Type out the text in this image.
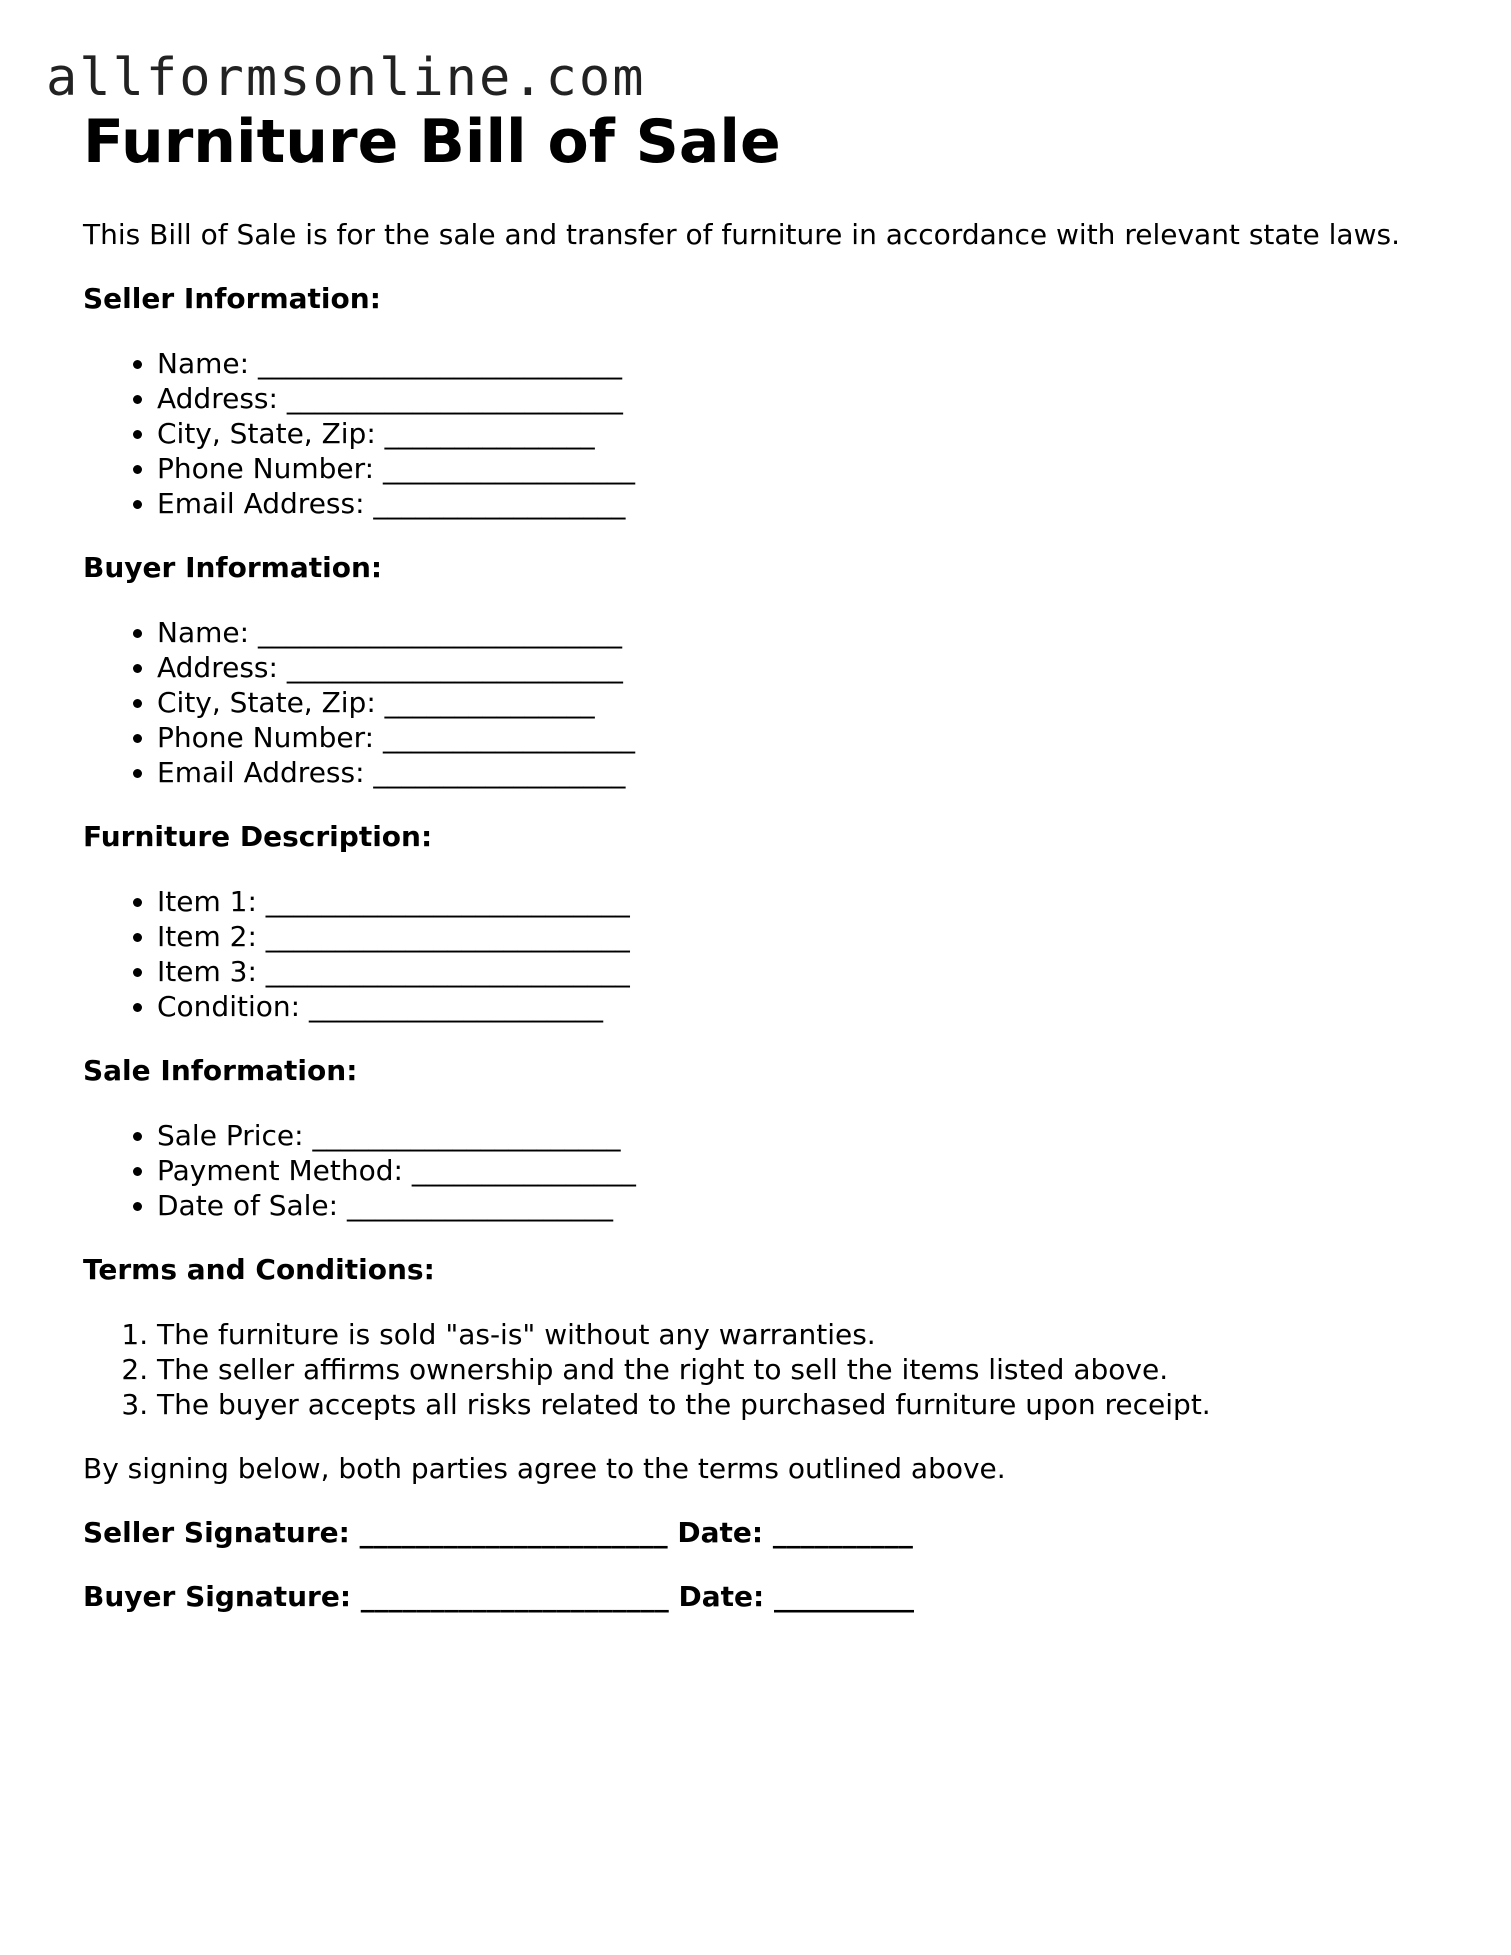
allformsonline.com
Furniture Bill of Sale

This Bill of Sale is for the sale and transfer of furniture in accordance with relevant state laws.

Seller Information:
• Name: __________________________
• Address: ________________________
• City, State, Zip: _______________
• Phone Number: __________________
• Email Address: __________________
Buyer Information:
• Name: __________________________
• Address: ________________________
• City, State, Zip: _______________
• Phone Number: __________________
• Email Address: __________________
Furniture Description:
• Item 1: __________________________
• Item 2: __________________________
• Item 3: __________________________
• Condition: _____________________
Sale Information:
• Sale Price: ______________________
• Payment Method: ________________
• Date of Sale: ___________________
Terms and Conditions:
1. The furniture is sold "as-is" without any warranties.
2. The seller affirms ownership and the right to sell the items listed above.
3. The buyer accepts all risks related to the purchased furniture upon receipt.

By signing below, both parties agree to the terms outlined above.

Seller Signature: ______________________ Date: __________
Buyer Signature: ______________________ Date: __________
